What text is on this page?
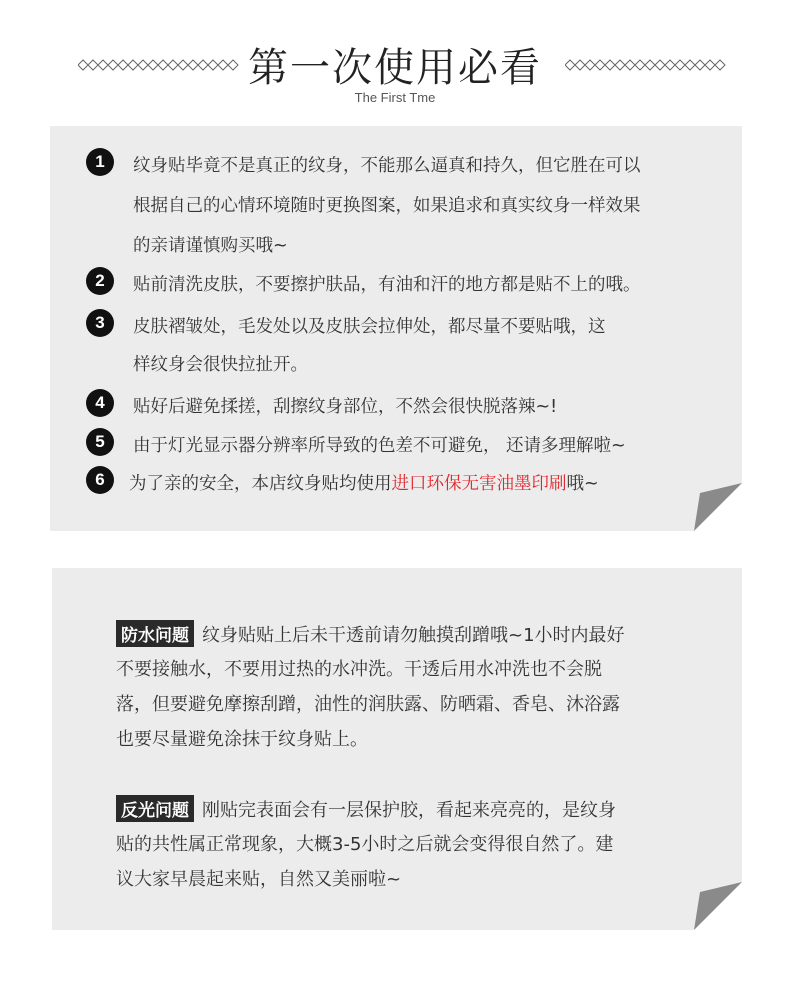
第一次使用必看
The First Tme
1	纹身贴毕竟不是真正的纹身，不能那么逼真和持久，但它胜在可以
根据自己的心情环境随时更换图案，如果追求和真实纹身一样效果
的亲请谨慎购买哦~
2	贴前清洗皮肤，不要擦护肤品，有油和汗的地方都是贴不上的哦。
3	皮肤褶皱处，毛发处以及皮肤会拉伸处，都尽量不要贴哦，这
样纹身会很快拉扯开。
4	贴好后避免揉搓，刮擦纹身部位，不然会很快脱落辣~!
5	由于灯光显示器分辨率所导致的色差不可避免， 还请多理解啦~
6	为了亲的安全，本店纹身贴均使用进口环保无害油墨印刷哦~
防水问题 纹身贴贴上后未干透前请勿触摸刮蹭哦~1小时内最好
不要接触水，不要用过热的水冲洗。干透后用水冲洗也不会脱
落，但要避免摩擦刮蹭，油性的润肤露、防晒霜、香皂、沐浴露
也要尽量避免涂抹于纹身贴上。
反光问题 刚贴完表面会有一层保护胶，看起来亮亮的，是纹身
贴的共性属正常现象，大概3-5小时之后就会变得很自然了。建
议大家早晨起来贴，自然又美丽啦~
